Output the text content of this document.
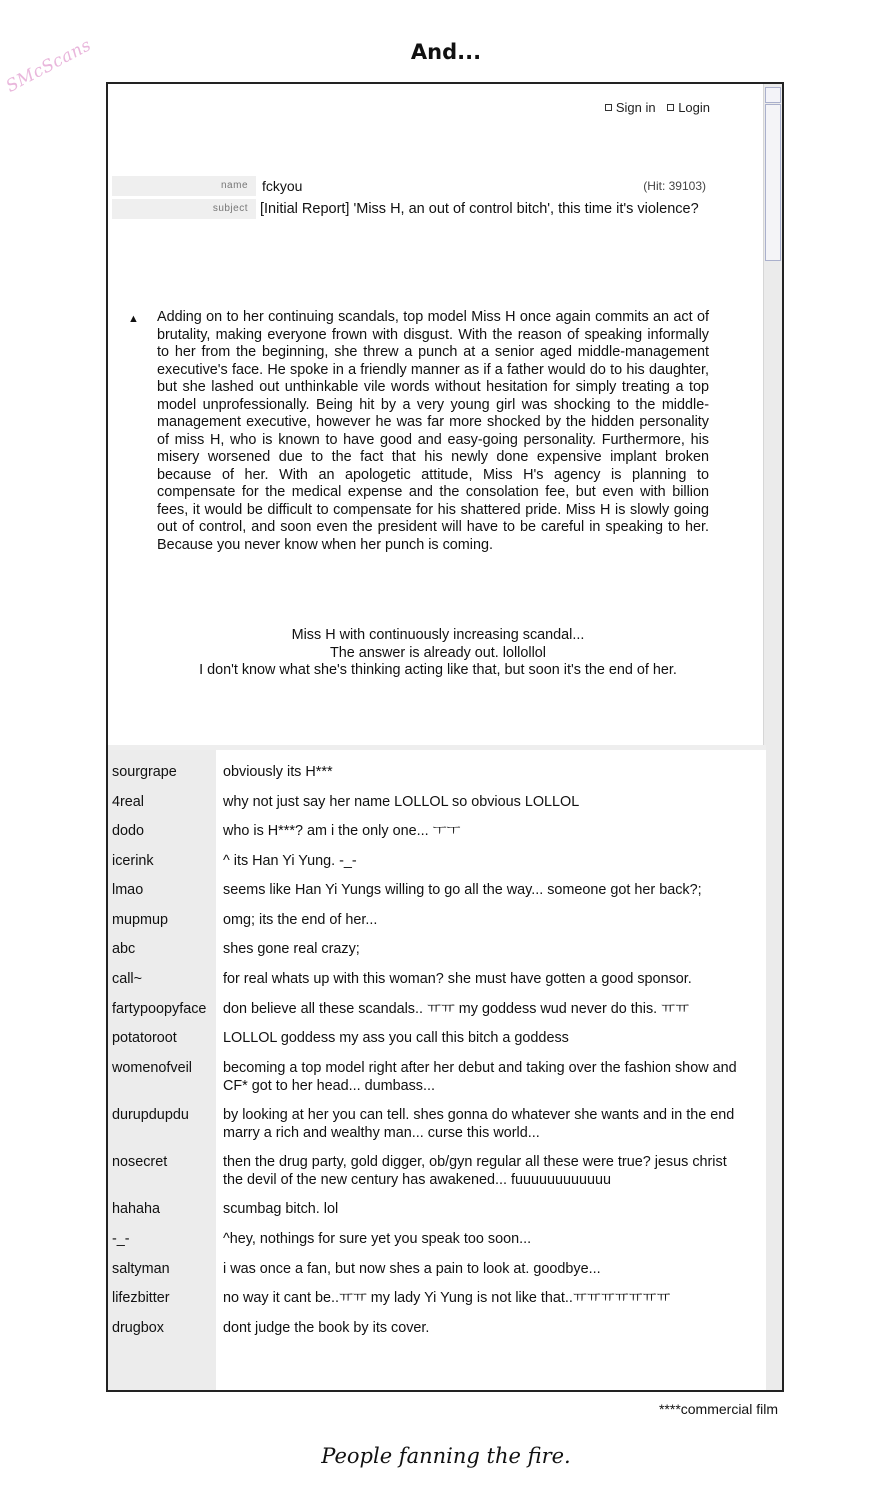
SMcScans	And...
Sign in Login
name	fckyou	(Hit: 39103)
subject [Initial Report] 'Miss H, an out of control bitch', this time it's violence?
▲ Adding on to her continuing scandals, top model Miss H once again commits an act of brutality, making everyone frown with disgust. With the reason of speaking informally to her from the beginning, she threw a punch at a senior aged middle-management executive's face. He spoke in a friendly manner as if a father would do to his daughter, but she lashed out unthinkable vile words without hesitation for simply treating a top model unprofessionally. Being hit by a very young girl was shocking to the middle-management executive, however he was far more shocked by the hidden personality of miss H, who is known to have good and easy-going personality. Furthermore, his misery worsened due to the fact that his newly done expensive implant broken because of her. With an apologetic attitude, Miss H's agency is planning to compensate for the medical expense and the consolation fee, but even with billion fees, it would be difficult to compensate for his shattered pride. Miss H is slowly going out of control, and soon even the president will have to be careful in speaking to her. Because you never know when her punch is coming.
Miss H with continuously increasing scandal...
The answer is already out. lollollol
I don't know what she's thinking acting like that, but soon it's the end of her.
sourgrape	obviously its H***
4real	why not just say her name LOLLOL so obvious LOLLOL
dodo	who is H***? am i the only one... ㅜㅜ
icerink	^ its Han Yi Yung. -_-
lmao	seems like Han Yi Yungs willing to go all the way... someone got her back?;
mupmup	omg; its the end of her...
abc	shes gone real crazy;
call~	for real whats up with this woman? she must have gotten a good sponsor.
fartypoopyface	don believe all these scandals.. ㅠㅠ my goddess wud never do this. ㅠㅠ
potatoroot	LOLLOL goddess my ass you call this bitch a goddess
womenofveil	becoming a top model right after her debut and taking over the fashion show and CF* got to her head... dumbass...
durupdupdu	by looking at her you can tell. shes gonna do whatever she wants and in the end marry a rich and wealthy man... curse this world...
nosecret	then the drug party, gold digger, ob/gyn regular all these were true? jesus christ the devil of the new century has awakened... fuuuuuuuuuuuu
hahaha	scumbag bitch. lol
-_-	^hey, nothings for sure yet you speak too soon...
saltyman	i was once a fan, but now shes a pain to look at. goodbye...
lifezbitter	no way it cant be..ㅠㅠ my lady Yi Yung is not like that..ㅠㅠㅠㅠㅠㅠㅠ
drugbox	dont judge the book by its cover.
****commercial film
People fanning the fire.
